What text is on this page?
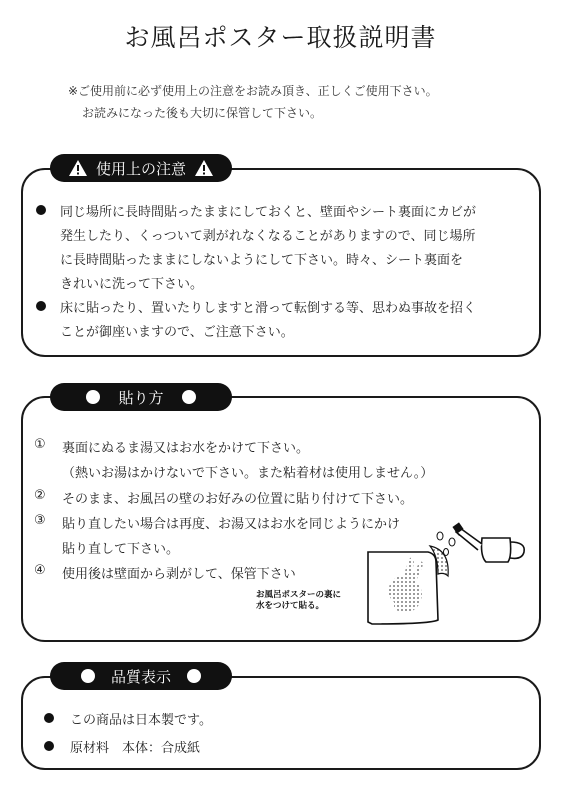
お風呂ポスター取扱説明書
※ご使用前に必ず使用上の注意をお読み頂き、正しくご使用下さい。
お読みになった後も大切に保管して下さい。
使用上の注意
同じ場所に長時間貼ったままにしておくと、壁面やシート裏面にカビが
発生したり、くっついて剥がれなくなることがありますので、同じ場所
に長時間貼ったままにしないようにして下さい。時々、シート裏面を
きれいに洗って下さい。
床に貼ったり、置いたりしますと滑って転倒する等、思わぬ事故を招く
ことが御座いますので、ご注意下さい。
貼り方
① 裏面にぬるま湯又はお水をかけて下さい。
（熱いお湯はかけないで下さい。また粘着材は使用しません。）
② そのまま、お風呂の壁のお好みの位置に貼り付けて下さい。
③ 貼り直したい場合は再度、お湯又はお水を同じようにかけ
貼り直して下さい。
④ 使用後は壁面から剥がして、保管下さい
お風呂ポスターの裏に
水をつけて貼る。
品質表示
この商品は日本製です。
原材料　本体：合成紙
